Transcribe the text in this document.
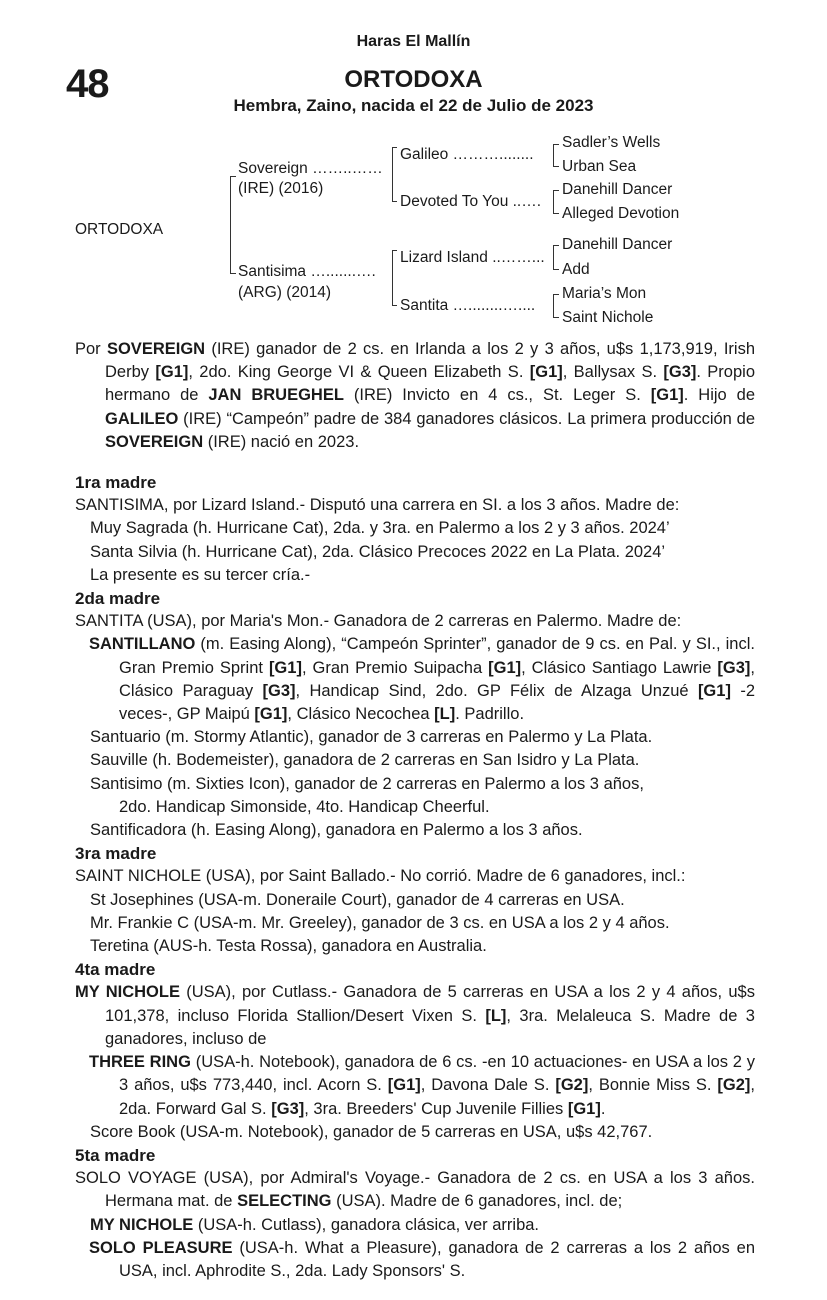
Haras El Mallín
48	ORTODOXA
Hembra, Zaino, nacida el 22 de Julio de 2023
ORTODOXA
Sovereign ……..……
(IRE) (2016)
Santisima ….......….
(ARG) (2014)
Galileo ………........
Devoted To You ..….
Lizard Island ..……...
Santita …........…....
Sadler’s Wells
Urban Sea
Danehill Dancer
Alleged Devotion
Danehill Dancer
Add
Maria’s Mon
Saint Nichole

Por SOVEREIGN (IRE) ganador de 2 cs. en Irlanda a los 2 y 3 años, u$s 1,173,919, Irish Derby [G1], 2do. King George VI & Queen Elizabeth S. [G1], Ballysax S. [G3]. Propio hermano de JAN BRUEGHEL (IRE) Invicto en 4 cs., St. Leger S. [G1]. Hijo de GALILEO (IRE) “Campeón” padre de 384 ganadores clásicos. La primera producción de SOVEREIGN (IRE) nació en 2023.

1ra madre

SANTISIMA, por Lizard Island.- Disputó una carrera en SI. a los 3 años. Madre de:

Muy Sagrada (h. Hurricane Cat), 2da. y 3ra. en Palermo a los 2 y 3 años. 2024’

Santa Silvia (h. Hurricane Cat), 2da. Clásico Precoces 2022 en La Plata. 2024’

La presente es su tercer cría.-

2da madre

SANTITA (USA), por Maria's Mon.- Ganadora de 2 carreras en Palermo. Madre de:

SANTILLANO (m. Easing Along), “Campeón Sprinter”, ganador de 9 cs. en Pal. y SI., incl. Gran Premio Sprint [G1], Gran Premio Suipacha [G1], Clásico Santiago Lawrie [G3], Clásico Paraguay [G3], Handicap Sind, 2do. GP Félix de Alzaga Unzué [G1] -2 veces-, GP Maipú [G1], Clásico Necochea [L]. Padrillo.

Santuario (m. Stormy Atlantic), ganador de 3 carreras en Palermo y La Plata.

Sauville (h. Bodemeister), ganadora de 2 carreras en San Isidro y La Plata.

Santisimo (m. Sixties Icon), ganador de 2 carreras en Palermo a los 3 años,

2do. Handicap Simonside, 4to. Handicap Cheerful.

Santificadora (h. Easing Along), ganadora en Palermo a los 3 años.

3ra madre

SAINT NICHOLE (USA), por Saint Ballado.- No corrió. Madre de 6 ganadores, incl.:

St Josephines (USA-m. Doneraile Court), ganador de 4 carreras en USA.

Mr. Frankie C (USA-m. Mr. Greeley), ganador de 3 cs. en USA a los 2 y 4 años.

Teretina (AUS-h. Testa Rossa), ganadora en Australia.

4ta madre

MY NICHOLE (USA), por Cutlass.- Ganadora de 5 carreras en USA a los 2 y 4 años, u$s 101,378, incluso Florida Stallion/Desert Vixen S. [L], 3ra. Melaleuca S. Madre de 3 ganadores, incluso de

THREE RING (USA-h. Notebook), ganadora de 6 cs. -en 10 actuaciones- en USA a los 2 y 3 años, u$s 773,440, incl. Acorn S. [G1], Davona Dale S. [G2], Bonnie Miss S. [G2], 2da. Forward Gal S. [G3], 3ra. Breeders' Cup Juvenile Fillies [G1].

Score Book (USA-m. Notebook), ganador de 5 carreras en USA, u$s 42,767.

5ta madre

SOLO VOYAGE (USA), por Admiral's Voyage.- Ganadora de 2 cs. en USA a los 3 años. Hermana mat. de SELECTING (USA). Madre de 6 ganadores, incl. de;

MY NICHOLE (USA-h. Cutlass), ganadora clásica, ver arriba.

SOLO PLEASURE (USA-h. What a Pleasure), ganadora de 2 carreras a los 2 años en USA, incl. Aphrodite S., 2da. Lady Sponsors' S.
